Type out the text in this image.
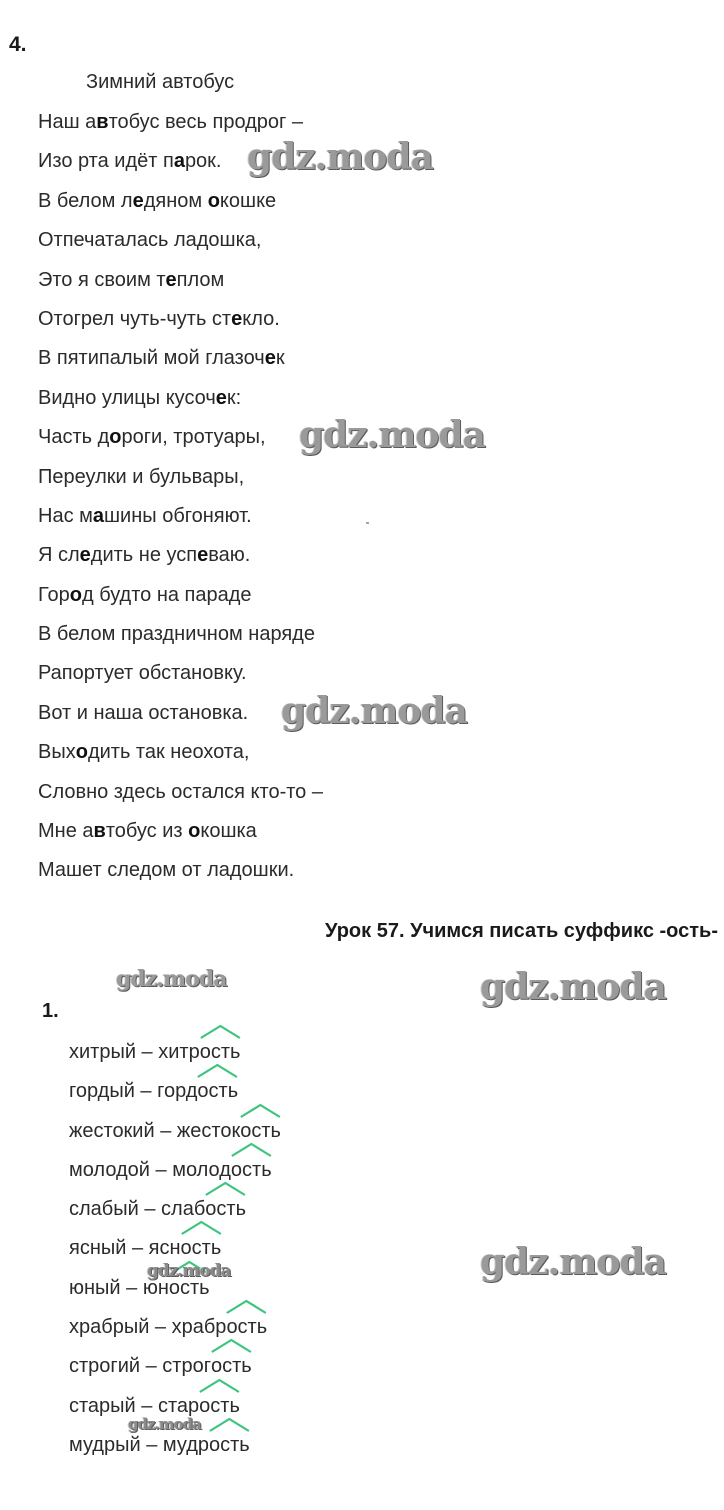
4.
Зимний автобус
Наш автобус весь продрог –
Изо рта идёт парок.
В белом ледяном окошке
Отпечаталась ладошка,
Это я своим теплом
Отогрел чуть-чуть стекло.
В пятипалый мой глазочек
Видно улицы кусочек:
Часть дороги, тротуары,
Переулки и бульвары,
Нас машины обгоняют.
Я следить не успеваю.
Город будто на параде
В белом праздничном наряде
Рапортует обстановку.
Вот и наша остановка.
Выходить так неохота,
Словно здесь остался кто-то –
Мне автобус из окошка
Машет следом от ладошки.
Урок 57. Учимся писать суффикс -ость-
1.
хитрый – хитр
ость
гордый – горд
ость
жестокий – жесток
ость
молодой – молод
ость
слабый – слаб
ость
ясный – ясн
ость
юный – юн
ость
храбрый – храбр
ость
строгий – строг
ость
старый – стар
ость
мудрый – мудр
ость
gdz.moda
gdz.moda
gdz.moda
gdz.moda	gdz.moda
gdz.moda
gdz.moda
gdz.moda
